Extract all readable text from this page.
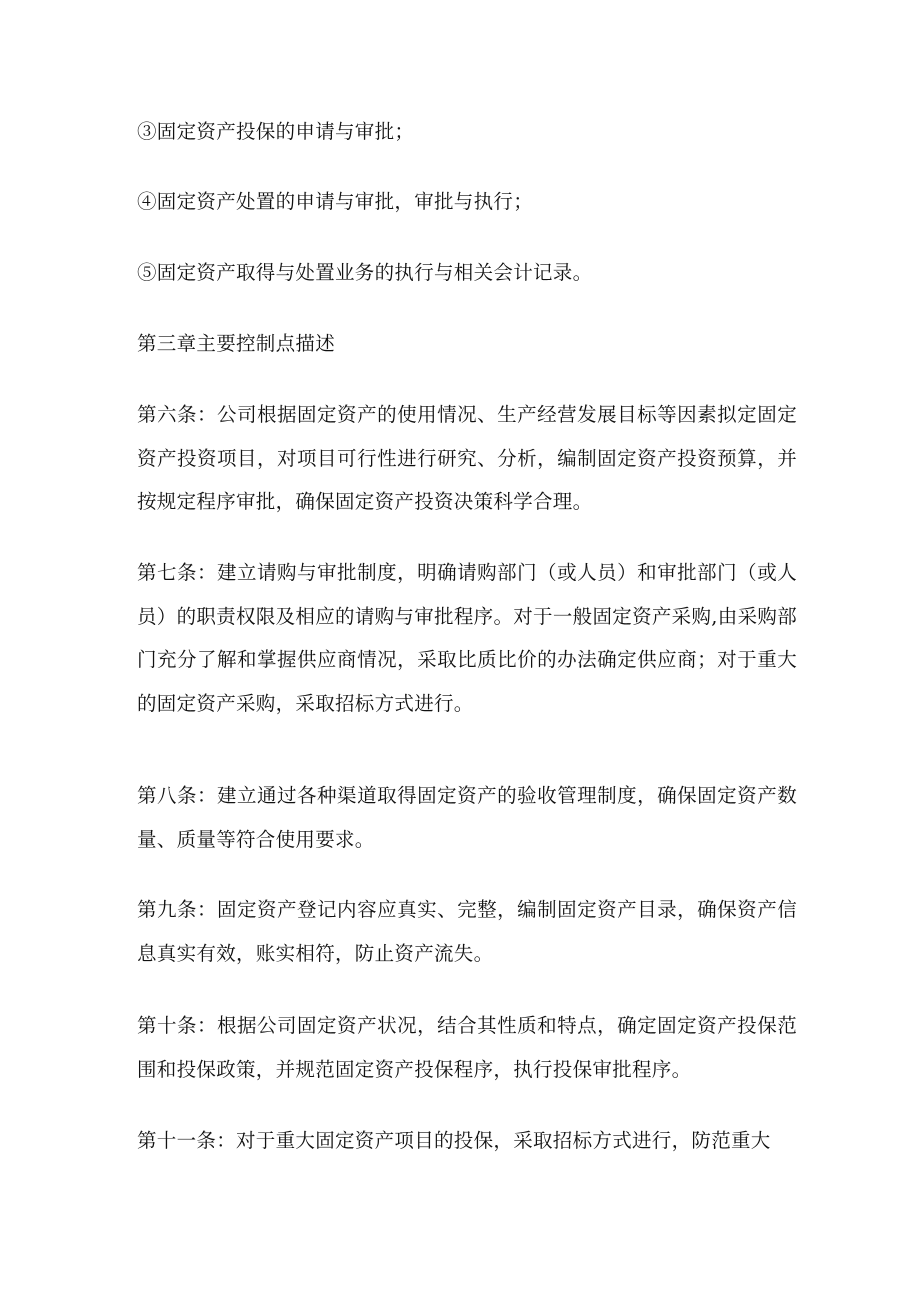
③固定资产投保的申请与审批；

④固定资产处置的申请与审批，审批与执行；

⑤固定资产取得与处置业务的执行与相关会计记录。

第三章主要控制点描述

第六条：公司根据固定资产的使用情况、生产经营发展目标等因素拟定固定资产投资项目，对项目可行性进行研究、分析，编制固定资产投资预算，并按规定程序审批，确保固定资产投资决策科学合理。

第七条：建立请购与审批制度，明确请购部门（或人员）和审批部门（或人员）的职责权限及相应的请购与审批程序。对于一般固定资产采购,由采购部门充分了解和掌握供应商情况，采取比质比价的办法确定供应商；对于重大的固定资产采购，采取招标方式进行。

第八条：建立通过各种渠道取得固定资产的验收管理制度，确保固定资产数量、质量等符合使用要求。

第九条：固定资产登记内容应真实、完整，编制固定资产目录，确保资产信息真实有效，账实相符，防止资产流失。

第十条：根据公司固定资产状况，结合其性质和特点，确定固定资产投保范围和投保政策，并规范固定资产投保程序，执行投保审批程序。

第十一条：对于重大固定资产项目的投保，采取招标方式进行，防范重大
